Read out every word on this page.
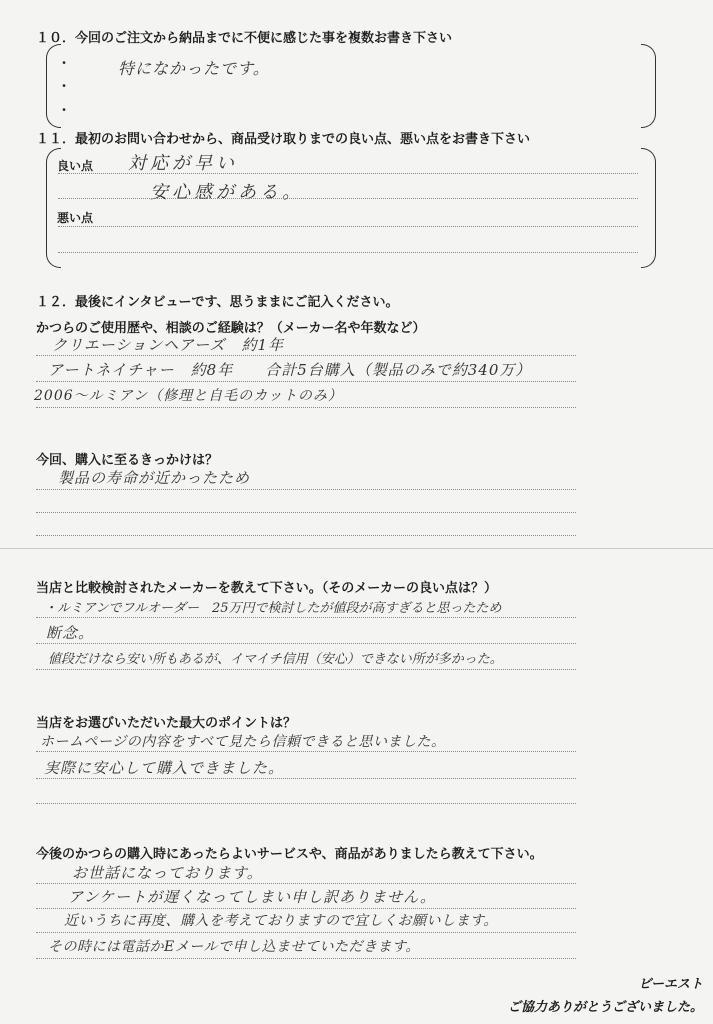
１０．今回のご注文から納品までに不便に感じた事を複数お書き下さい
・
・
・
特になかったです。
１１．最初のお問い合わせから、商品受け取りまでの良い点、悪い点をお書き下さい
良い点 対応が早い
安心感がある。
悪い点
１２．最後にインタビューです、思うままにご記入ください。
かつらのご使用歴や、相談のご経験は？（メーカー名や年数など）
クリエーションヘアーズ　約1年
アートネイチャー　約8年　　合計5台購入（製品のみで約340万）
2006～ルミアン（修理と自毛のカットのみ）
今回、購入に至るきっかけは？
製品の寿命が近かったため
当店と比較検討されたメーカーを教えて下さい。（そのメーカーの良い点は？）
・ルミアンでフルオーダー　25万円で検討したが値段が高すぎると思ったため
断念。
値段だけなら安い所もあるが、イマイチ信用（安心）できない所が多かった。
当店をお選びいただいた最大のポイントは？
ホームページの内容をすべて見たら信頼できると思いました。
実際に安心して購入できました。
今後のかつらの購入時にあったらよいサービスや、商品がありましたら教えて下さい。
お世話になっております。
アンケートが遅くなってしまい申し訳ありません。
近いうちに再度、購入を考えておりますので宜しくお願いします。
その時には電話かEメールで申し込ませていただきます。
ビーエスト
ご協力ありがとうございました。
